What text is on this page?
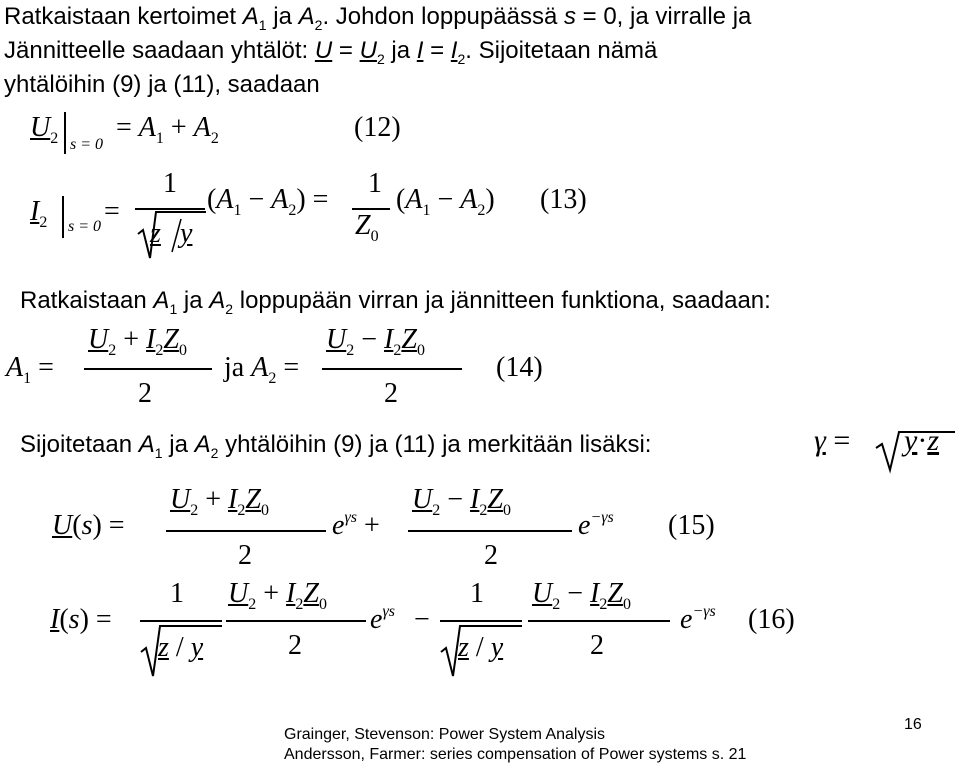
Ratkaistaan kertoimet $A_1$ ja $A_2$. Johdon loppupäässä s = 0, ja virralle ja
Jännitteelle saadaan yhtälöt: $U = U_2$ ja $I = I_2$. Sijoitetaan nämä
yhtälöihin (9) ja (11), saadaan
$U_2$ s = 0
= $A_1 + A_2$	(12)
$I_2$ s = 0 =
1
z y
$(A_1 - A_2)$ =
1
$Z_0$
$(A_1 - A_2)$ (13)
Ratkaistaan $A_1$ ja $A_2$ loppupään virran ja jännitteen funktiona, saadaan:
$A_1$ =
$U_2 + I_2Z_0$
2
ja $A_2$ =
$U_2 - I_2Z_0$
2
(14)
Sijoitetaan $A_1$ ja $A_2$ yhtälöihin (9) ja (11) ja merkitään lisäksi:	γ = y·z
U(s) =
$U_2 + I_2Z_0$
2
$e^{\gamma s}$ +
$U_2 - I_2Z_0$
2
$e^{-\gamma s}$ (15)
I(s) =
1
z / y
$U_2 + I_2Z_0$
2
$e^{\gamma s}$ −
1
z / y
$U_2 - I_2Z_0$
2
$e^{-\gamma s}$ (16)
Grainger, Stevenson: Power System Analysis
Andersson, Farmer: series compensation of Power systems s. 21
16
